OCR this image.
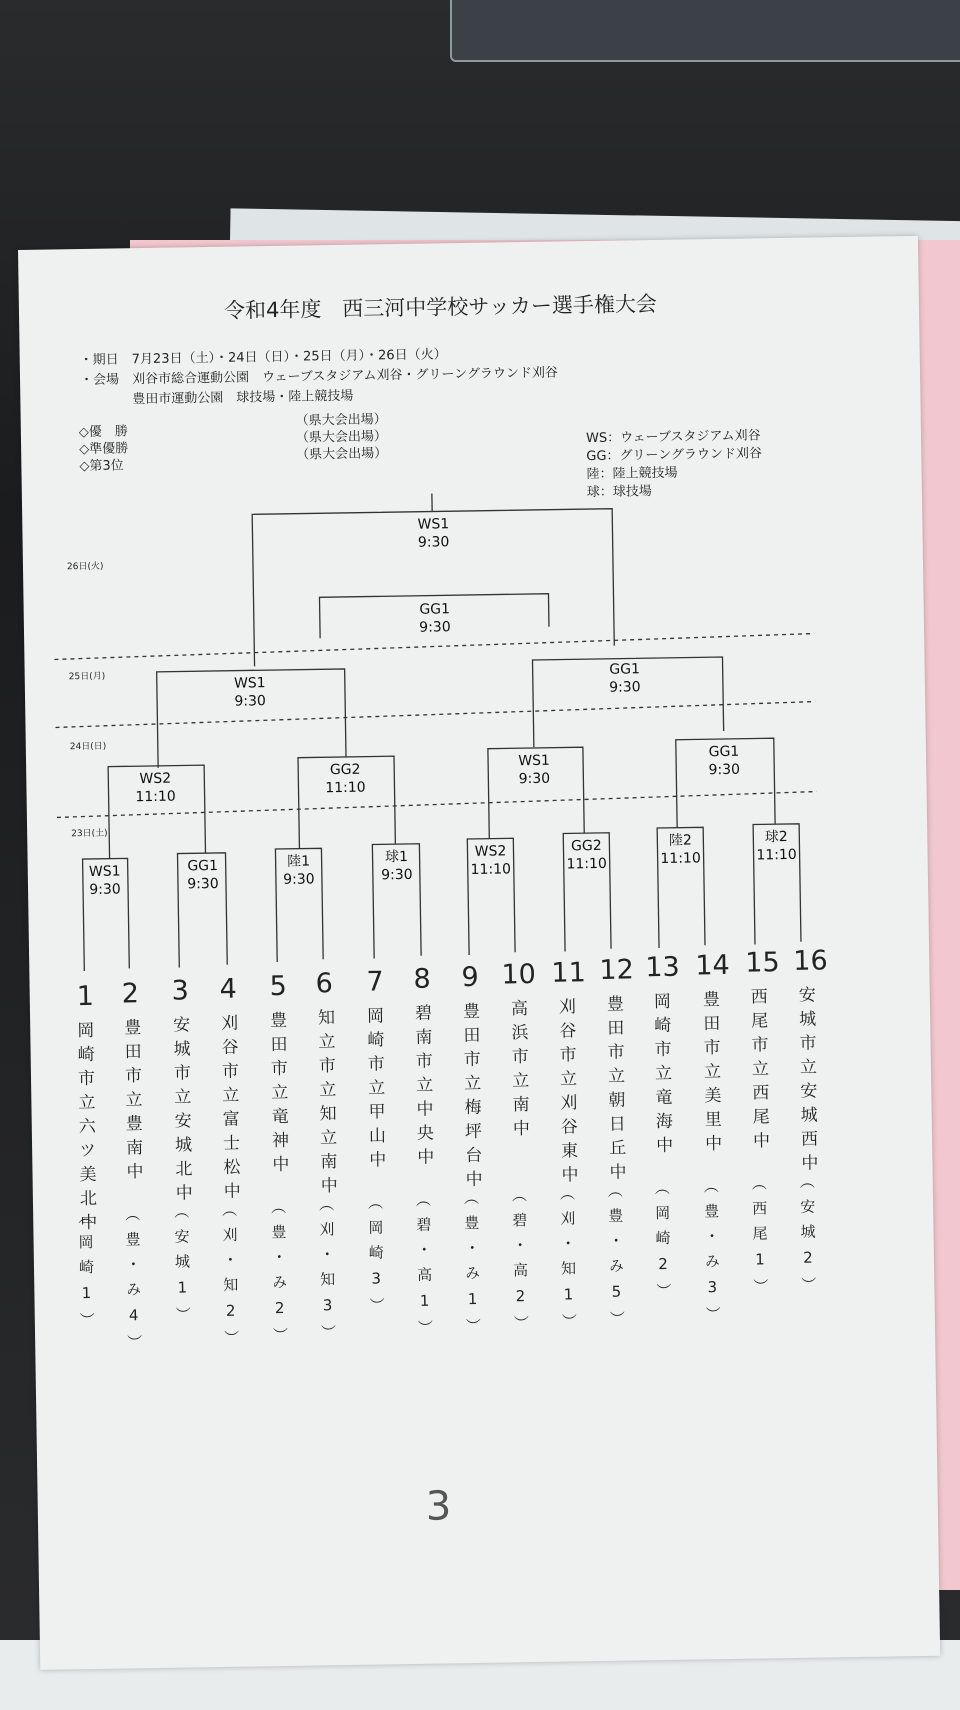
令和4年度　西三河中学校サッカー選手権大会
・期日 7月23日（土）・24日（日）・25日（月）・26日（火）
・会場 刈谷市総合運動公園　ウェーブスタジアム刈谷・グリーングラウンド刈谷
豊田市運動公園　球技場・陸上競技場
◇優　勝
（県大会出場）
◇準優勝
（県大会出場）
◇第3位
（県大会出場）
WS：ウェーブスタジアム刈谷
GG：グリーングラウンド刈谷
陸：陸上競技場
球：球技場
26日(火)
25日(月)
24日(日)
23日(土)
WS1
9:30
GG1
9:30
WS1
9:30
GG1
9:30
WS2
11:10
GG2
11:10
WS1
9:30
GG1
9:30
WS1
9:30
GG1
9:30
陸1
9:30
球1
9:30
WS2
11:10
GG2
11:10
陸2
11:10
球2
11:10
1 2 3 4 5 6 7 8 9 10 11 12 13 14 15 16
岡崎市立六ツ美北中 豊田市立豊南中 安城市立安城北中 刈谷市立富士松中 豊田市立竜神中 知立市立知立南中 岡崎市立甲山中 碧南市立中央中 豊田市立梅坪台中 高浜市立南中 刈谷市立刈谷東中 豊田市立朝日丘中 岡崎市立竜海中 豊田市立美里中 西尾市立西尾中 安城市立安城西中
（岡崎1） （豊・み4） （安城1） （刈・知2） （豊・み2） （刈・知3） （岡崎3） （碧・高1） （豊・み1） （碧・高2） （刈・知1） （豊・み5） （岡崎2） （豊・み3） （西尾1） （安城2）
3
